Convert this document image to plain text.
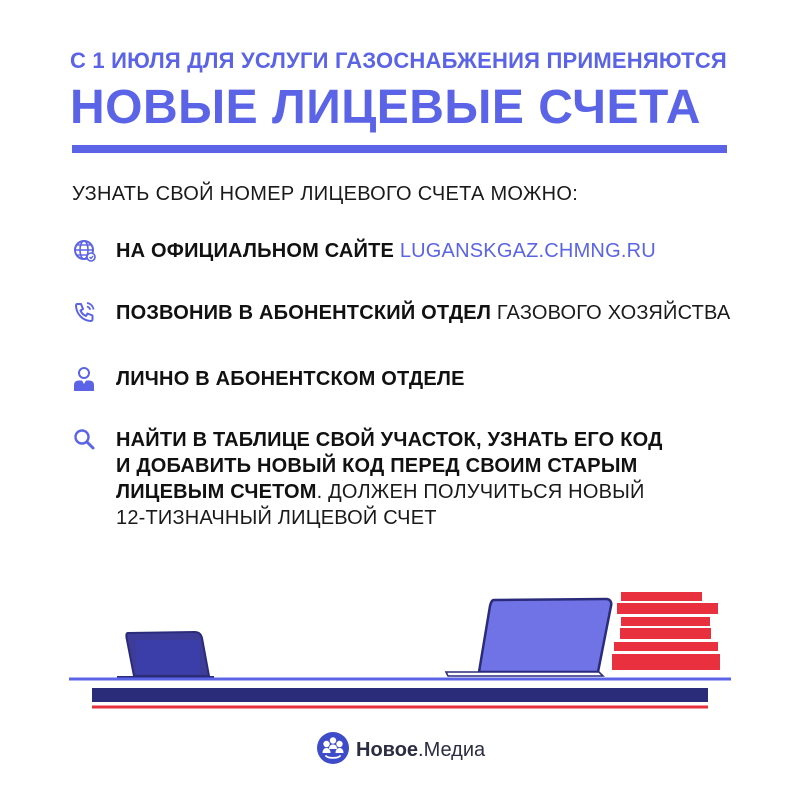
С 1 ИЮЛЯ ДЛЯ УСЛУГИ ГАЗОСНАБЖЕНИЯ ПРИМЕНЯЮТСЯ
НОВЫЕ ЛИЦЕВЫЕ СЧЕТА
УЗНАТЬ СВОЙ НОМЕР ЛИЦЕВОГО СЧЕТА МОЖНО:
НА ОФИЦИАЛЬНОМ САЙТЕ LUGANSKGAZ.CHMNG.RU
ПОЗВОНИВ В АБОНЕНТСКИЙ ОТДЕЛ ГАЗОВОГО ХОЗЯЙСТВА
ЛИЧНО В АБОНЕНТСКОМ ОТДЕЛЕ
НАЙТИ В ТАБЛИЦЕ СВОЙ УЧАСТОК, УЗНАТЬ ЕГО КОД
И ДОБАВИТЬ НОВЫЙ КОД ПЕРЕД СВОИМ СТАРЫМ
ЛИЦЕВЫМ СЧЕТОМ. ДОЛЖЕН ПОЛУЧИТЬСЯ НОВЫЙ
12-ТИЗНАЧНЫЙ ЛИЦЕВОЙ СЧЕТ
Новое.Медиа
